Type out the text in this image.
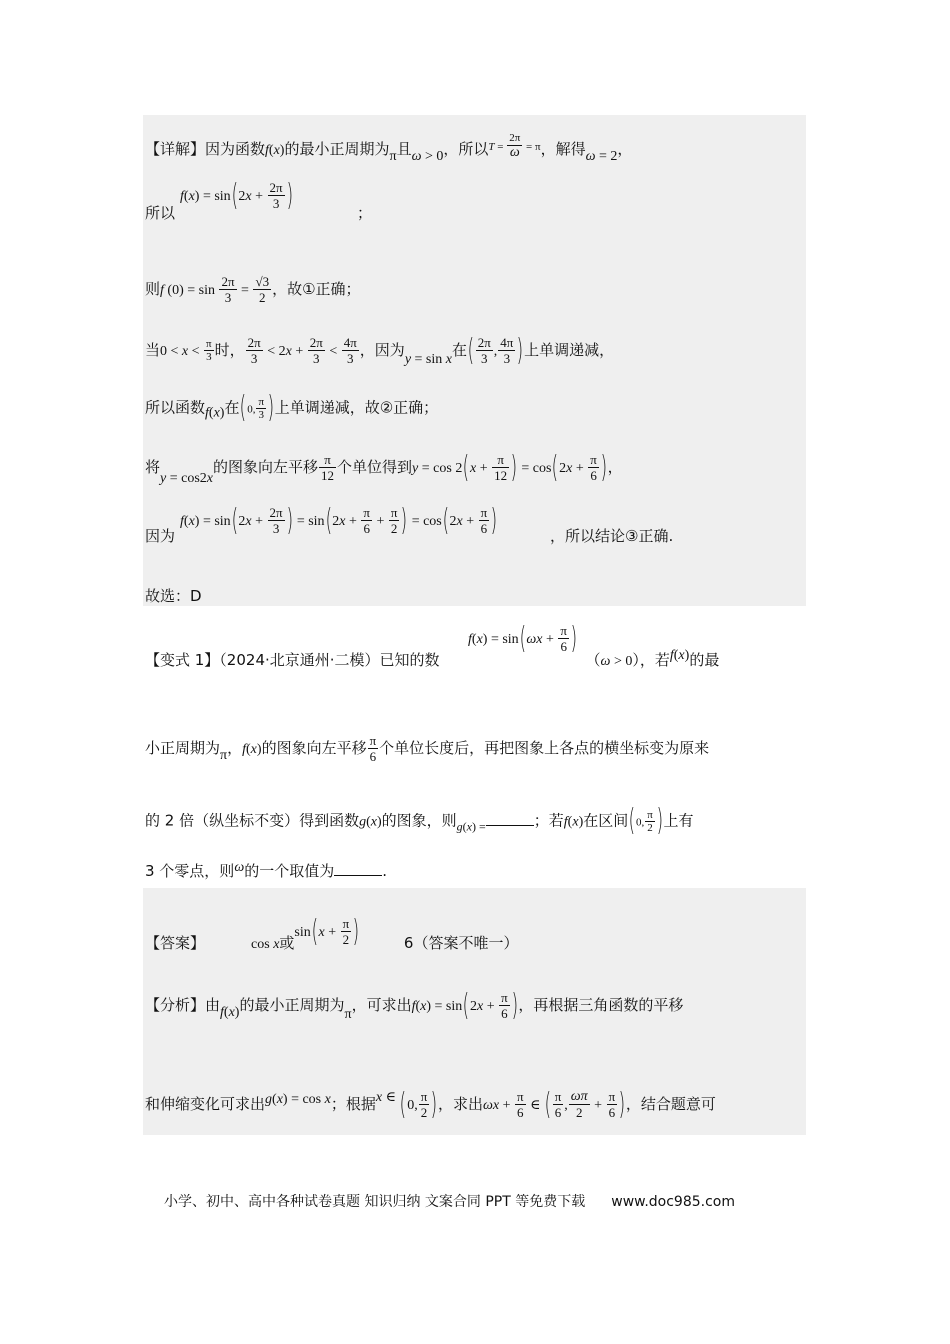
【详解】因为函数f(x)的最小正周期为π且ω > 0，所以$^T$ $^= \frac{2\pi}{\omega} ^{= \pi}$，解得ω = 2，
$f(x) = \sin(2x + \frac{2\pi}{3}$ )
所以	；
则f $(0) = \sin \frac{2\pi}{3} = \frac{√3}{2}$ ，故①正确；
当$0 < x < \frac{\pi}{3}$ 时， $\frac{2\pi}{3} < 2x + \frac{2\pi}{3} < \frac{4\pi}{3}$ ，因为y = sin x在( $\frac{2\pi}{3}$ , $\frac{4\pi}{3}$ )上单调递减，
所以函数f(x)在(0, $\frac{\pi}{3}$ )上单调递减，故②正确；
将y = cos2x的图象向左平移 $\frac{\pi}{12}$ 个单位得到$y = \cos 2(x + \frac{\pi}{12}$ ) = $\cos(2x + \frac{\pi}{6}$ )，
$f(x) = \sin(2x + \frac{2\pi}{3}$ ) = $\sin(2x + \frac{\pi}{6} + \frac{\pi}{2}$ ) = $\cos(2x + \frac{\pi}{6}$ )
因为	，所以结论③正确.
故选：D
$f(x) = \sin(\omega x + \frac{\pi}{6}$ )
【变式 1】（2024·北京通州·二模）已知的数	（ω > 0），若f(x)的最
小正周期为π，f(x)的图象向左平移 $\frac{\pi}{6}$ 个单位长度后，再把图象上各点的横坐标变为原来
的 2 倍（纵坐标不变）得到函数g(x)的图象，则$_{g(x) =}$	；若f(x)在区间(0, $\frac{\pi}{2}$ )上有
3 个零点，则ω的一个取值为	.
【答案】	cos x或$\sin(x + \frac{\pi}{2}$ )	6（答案不唯一）
【分析】由f(x)的最小正周期为π，可求出$f(x) = \sin(2x + \frac{\pi}{6}$ )，再根据三角函数的平移
和伸缩变化可求出g(x) = cos x；根据x ∈ (0, $\frac{\pi}{2}$ )，求出$\omega x + \frac{\pi}{6}$ ∈ ( $\frac{\pi}{6}$ , $\frac{\omega\pi}{2} + \frac{\pi}{6}$ )，结合题意可
小学、初中、高中各种试卷真题 知识归纳 文案合同 PPT 等免费下载 www.doc985.com
